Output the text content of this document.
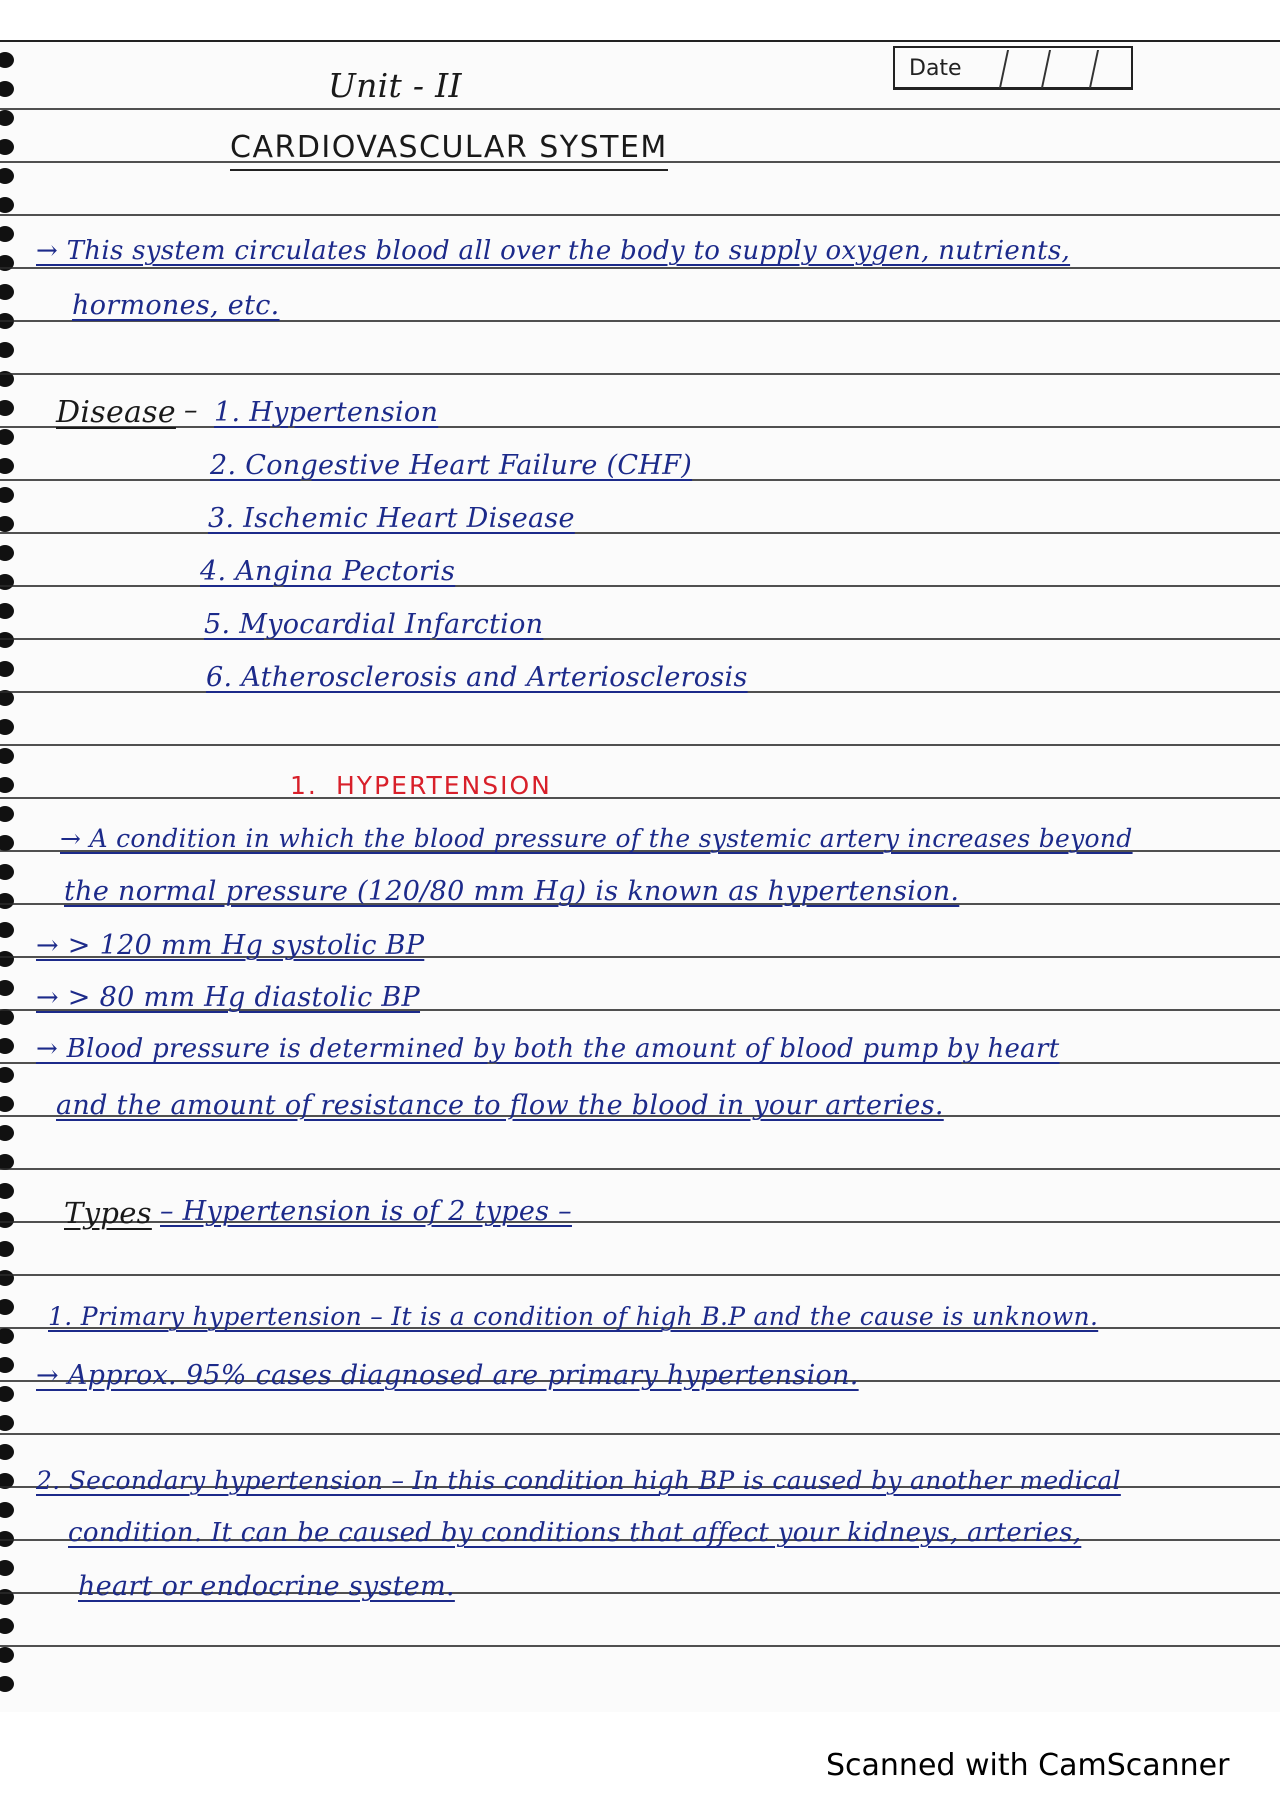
Date
Unit - II
CARDIOVASCULAR SYSTEM
→ This system circulates blood all over the body to supply oxygen, nutrients,
hormones, etc.
Disease – 1. Hypertension
2. Congestive Heart Failure (CHF)
3. Ischemic Heart Disease
4. Angina Pectoris
5. Myocardial Infarction
6. Atherosclerosis and Arteriosclerosis
1. HYPERTENSION
→ A condition in which the blood pressure of the systemic artery increases beyond
the normal pressure (120/80 mm Hg) is known as hypertension.
→ > 120 mm Hg systolic BP
→ > 80 mm Hg diastolic BP
→ Blood pressure is determined by both the amount of blood pump by heart
and the amount of resistance to flow the blood in your arteries.
Types – Hypertension is of 2 types –
1. Primary hypertension – It is a condition of high B.P and the cause is unknown.
→ Approx. 95% cases diagnosed are primary hypertension.
2. Secondary hypertension – In this condition high BP is caused by another medical
condition. It can be caused by conditions that affect your kidneys, arteries,
heart or endocrine system.
Scanned with CamScanner
